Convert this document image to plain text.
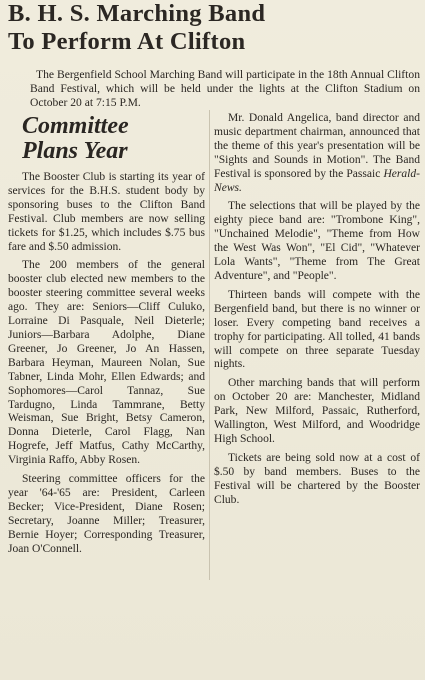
B. H. S. Marching Band
To Perform At Clifton
The Bergenfield School Marching Band will participate in the 18th Annual Clifton Band Festival, which will be held under the lights at the Clifton Stadium on October 20 at 7:15 P.M.
Committee
Plans Year

The Booster Club is starting its year of services for the B.H.S. student body by sponsoring buses to the Clifton Band Festival. Club members are now selling tickets for $1.25, which includes $.75 bus fare and $.50 admission.

The 200 members of the general booster club elected new members to the booster steering committee several weeks ago. They are: Seniors—Cliff Culuko, Lorraine Di Pasquale, Neil Dieterle; Juniors—Barbara Adolphe, Diane Greener, Jo Greener, Jo An Hassen, Barbara Heyman, Maureen Nolan, Sue Tabner, Linda Mohr, Ellen Edwards; and Sophomores—Carol Tannaz, Sue Tardugno, Linda Tammrane, Betty Weisman, Sue Bright, Betsy Cameron, Donna Dieterle, Carol Flagg, Nan Hogrefe, Jeff Matfus, Cathy McCarthy, Virginia Raffo, Abby Rosen.

Steering committee officers for the year '64-'65 are: President, Carleen Becker; Vice-President, Diane Rosen; Secretary, Joanne Miller; Treasurer, Bernie Hoyer; Corresponding Treasurer, Joan O'Connell.

Mr. Donald Angelica, band director and music department chairman, announced that the theme of this year's presentation will be "Sights and Sounds in Motion". The Band Festival is sponsored by the Passaic Herald-News.

The selections that will be played by the eighty piece band are: "Trombone King", "Unchained Melodie", "Theme from How the West Was Won", "El Cid", "Whatever Lola Wants", "Theme from The Great Adventure", and "People".

Thirteen bands will compete with the Bergenfield band, but there is no winner or loser. Every competing band receives a trophy for participating. All tolled, 41 bands will compete on three separate Tuesday nights.

Other marching bands that will perform on October 20 are: Manchester, Midland Park, New Milford, Passaic, Rutherford, Wallington, West Milford, and Woodridge High School.

Tickets are being sold now at a cost of $.50 by band members. Buses to the Festival will be chartered by the Booster Club.
